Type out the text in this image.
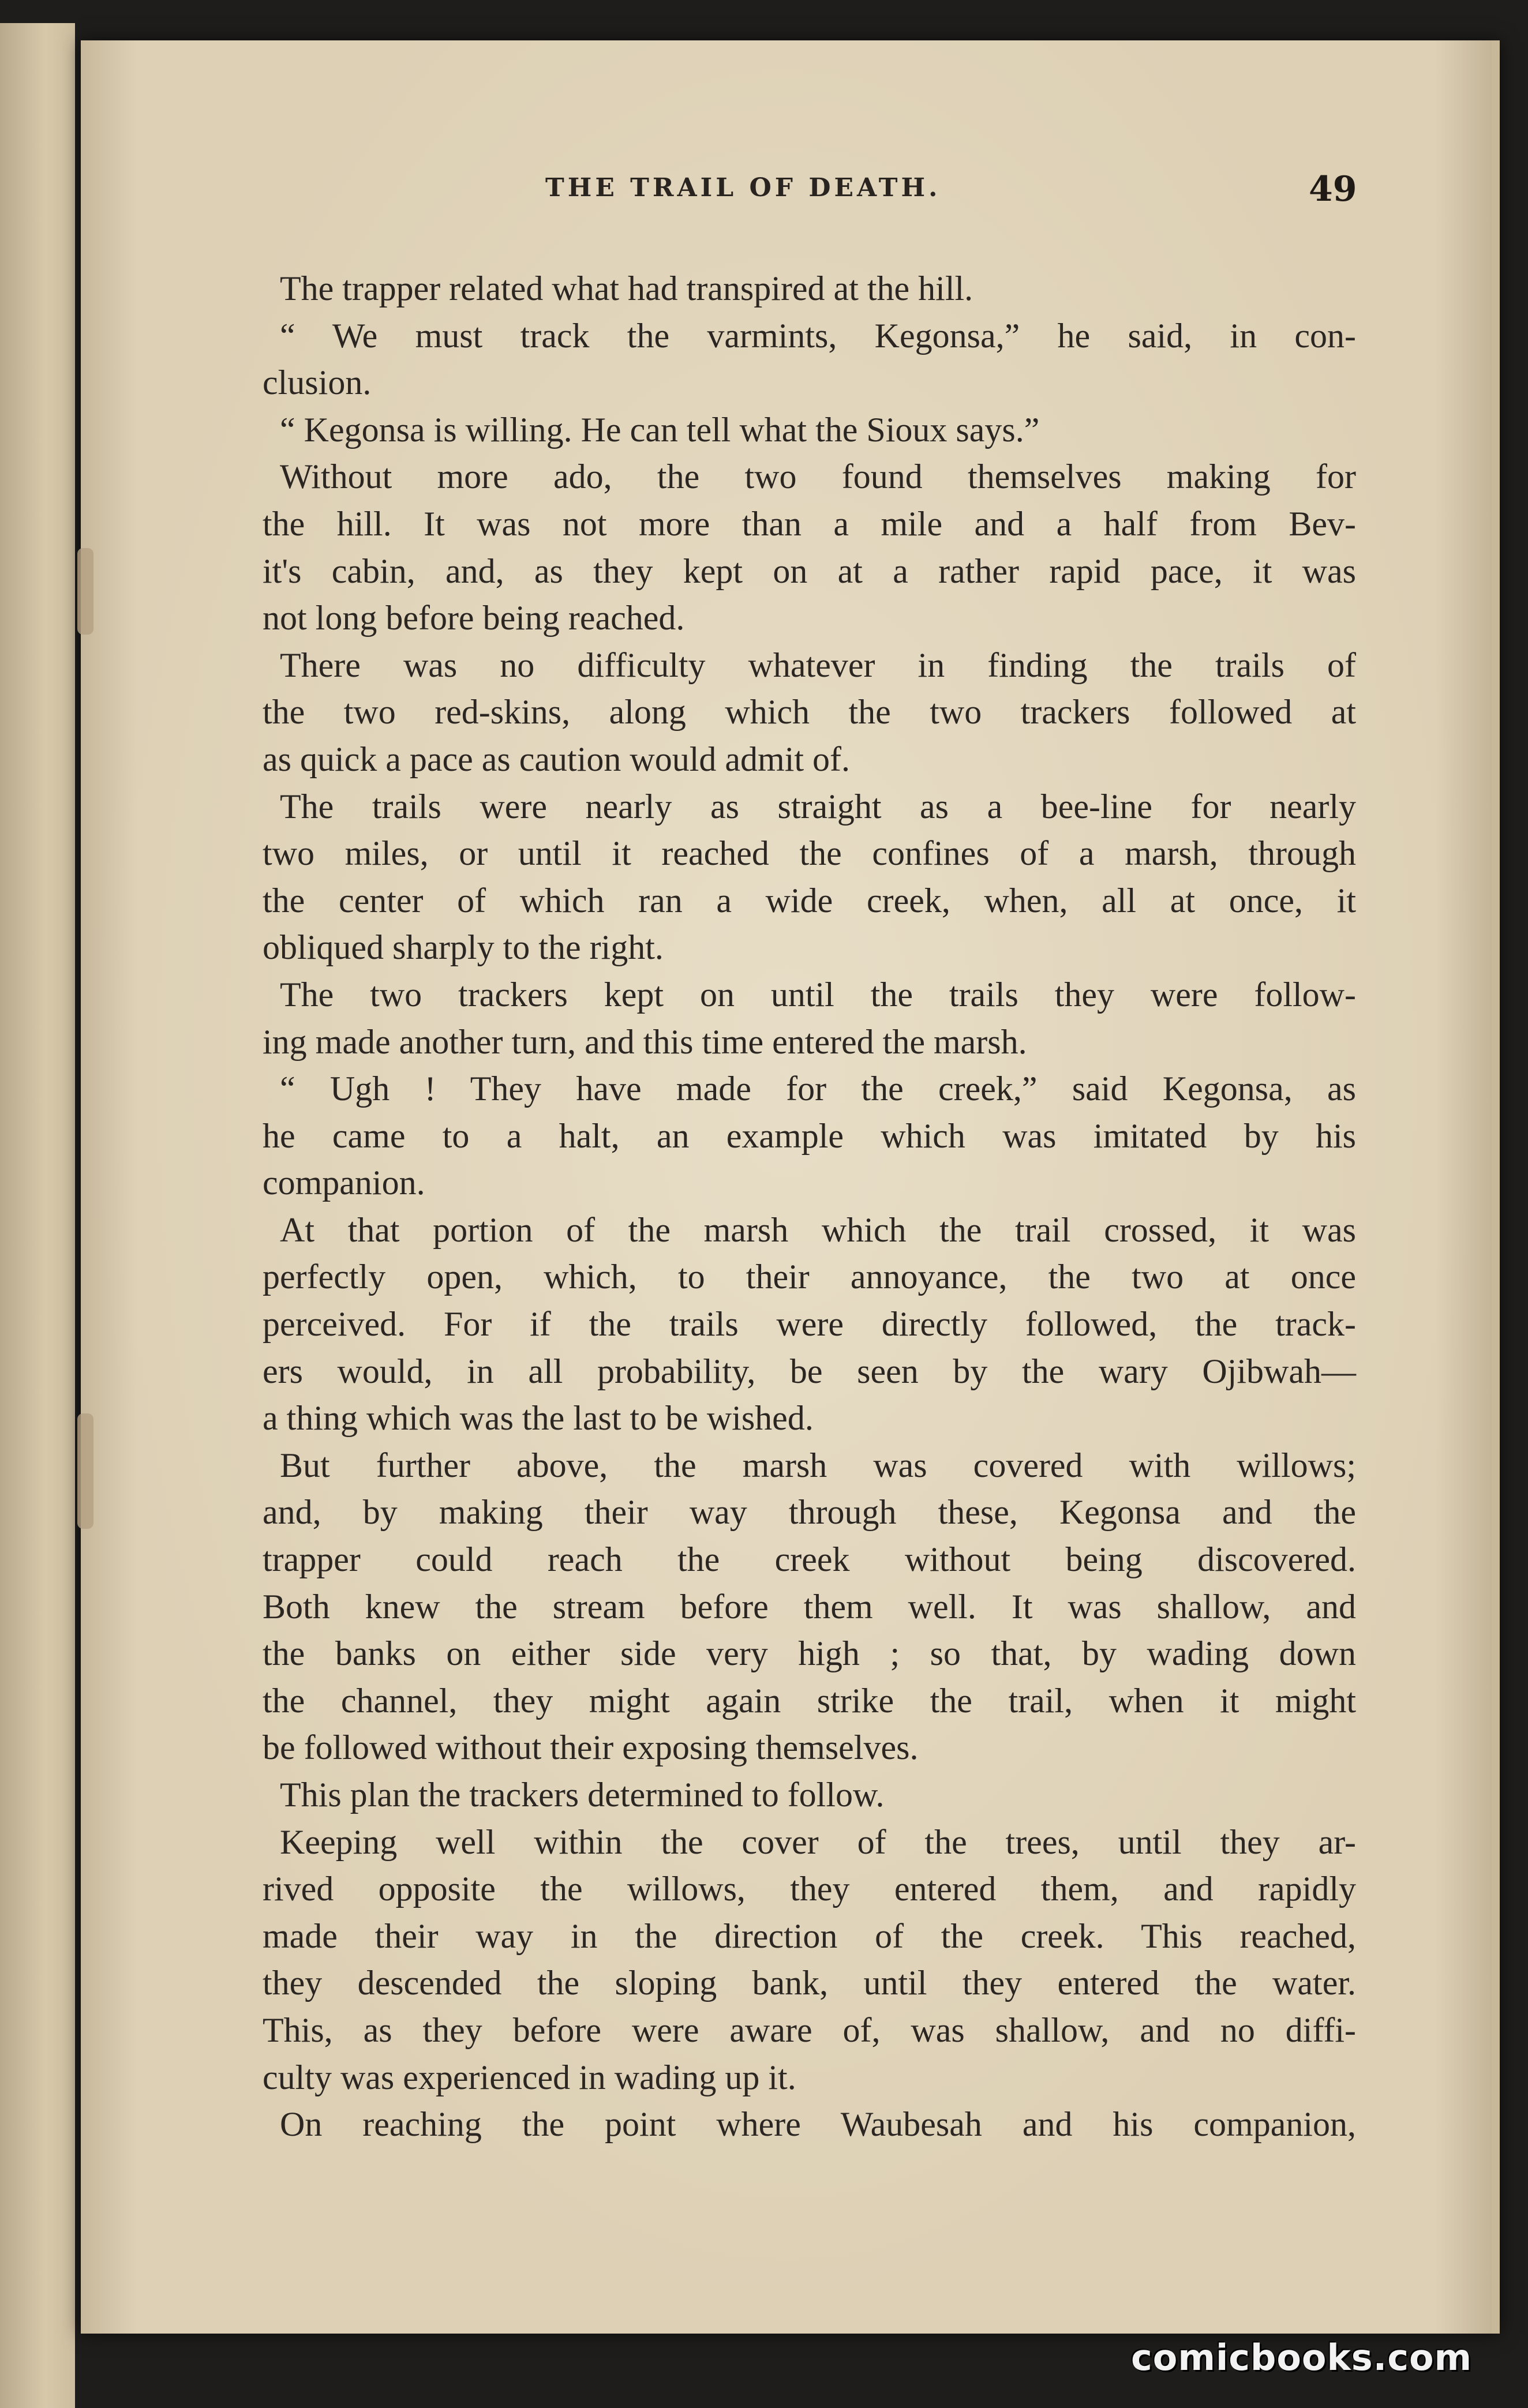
THE TRAIL OF DEATH.	49
The trapper related what had transpired at the hill.
“ We must track the varmints, Kegonsa,” he said, in con-
clusion.
“ Kegonsa is willing. He can tell what the Sioux says.”
Without more ado, the two found themselves making for
the hill. It was not more than a mile and a half from Bev-
it's cabin, and, as they kept on at a rather rapid pace, it was
not long before being reached.
There was no difficulty whatever in finding the trails of
the two red-skins, along which the two trackers followed at
as quick a pace as caution would admit of.
The trails were nearly as straight as a bee-line for nearly
two miles, or until it reached the confines of a marsh, through
the center of which ran a wide creek, when, all at once, it
obliqued sharply to the right.
The two trackers kept on until the trails they were follow-
ing made another turn, and this time entered the marsh.
“ Ugh ! They have made for the creek,” said Kegonsa, as
he came to a halt, an example which was imitated by his
companion.
At that portion of the marsh which the trail crossed, it was
perfectly open, which, to their annoyance, the two at once
perceived. For if the trails were directly followed, the track-
ers would, in all probability, be seen by the wary Ojibwah—
a thing which was the last to be wished.
But further above, the marsh was covered with willows;
and, by making their way through these, Kegonsa and the
trapper could reach the creek without being discovered.
Both knew the stream before them well. It was shallow, and
the banks on either side very high ; so that, by wading down
the channel, they might again strike the trail, when it might
be followed without their exposing themselves.
This plan the trackers determined to follow.
Keeping well within the cover of the trees, until they ar-
rived opposite the willows, they entered them, and rapidly
made their way in the direction of the creek. This reached,
they descended the sloping bank, until they entered the water.
This, as they before were aware of, was shallow, and no diffi-
culty was experienced in wading up it.
On reaching the point where Waubesah and his companion,
comicbooks.com
